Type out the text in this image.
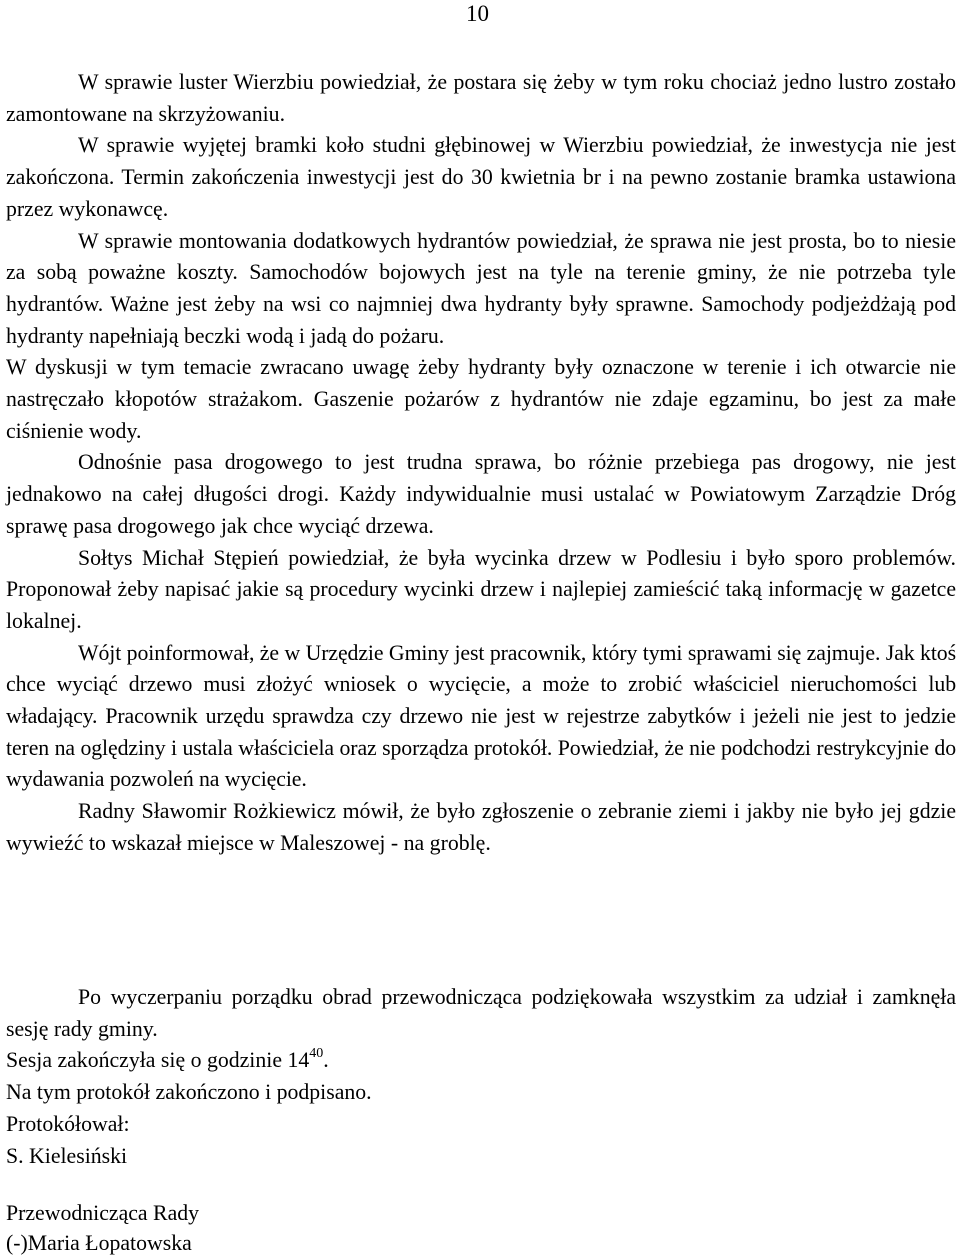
10

W sprawie luster Wierzbiu powiedział, że postara się żeby w tym roku chociaż jedno lustro zostało zamontowane na skrzyżowaniu.

W sprawie wyjętej bramki koło studni głębinowej w Wierzbiu powiedział, że inwestycja nie jest zakończona. Termin zakończenia inwestycji jest do 30 kwietnia br i na pewno zostanie bramka ustawiona przez wykonawcę.

W sprawie montowania dodatkowych hydrantów powiedział, że sprawa nie jest prosta, bo to niesie za sobą poważne koszty. Samochodów bojowych jest na tyle na terenie gminy, że nie potrzeba tyle hydrantów. Ważne jest żeby na wsi co najmniej dwa hydranty były sprawne. Samochody podjeżdżają pod hydranty napełniają beczki wodą i jadą do pożaru.

W dyskusji w tym temacie zwracano uwagę żeby hydranty były oznaczone w terenie i ich otwarcie nie nastręczało kłopotów strażakom. Gaszenie pożarów z hydrantów nie zdaje egzaminu, bo jest za małe ciśnienie wody.

Odnośnie pasa drogowego to jest trudna sprawa, bo różnie przebiega pas drogowy, nie jest jednakowo na całej długości drogi. Każdy indywidualnie musi ustalać w Powiatowym Zarządzie Dróg sprawę pasa drogowego jak chce wyciąć drzewa.

Sołtys Michał Stępień powiedział, że była wycinka drzew w Podlesiu i było sporo problemów. Proponował żeby napisać jakie są procedury wycinki drzew i najlepiej zamieścić taką informację w gazetce lokalnej.

Wójt poinformował, że w Urzędzie Gminy jest pracownik, który tymi sprawami się zajmuje. Jak ktoś chce wyciąć drzewo musi złożyć wniosek o wycięcie, a może to zrobić właściciel nieruchomości lub władający. Pracownik urzędu sprawdza czy drzewo nie jest w rejestrze zabytków i jeżeli nie jest to jedzie teren na oględziny i ustala właściciela oraz sporządza protokół. Powiedział, że nie podchodzi restrykcyjnie do wydawania pozwoleń na wycięcie.

Radny Sławomir Rożkiewicz mówił, że było zgłoszenie o zebranie ziemi i jakby nie było jej gdzie wywieźć to wskazał miejsce w Maleszowej - na groblę.

Po wyczerpaniu porządku obrad przewodnicząca podziękowała wszystkim za udział i zamknęła sesję rady gminy.

Sesja zakończyła się o godzinie $14^{40}$.

Na tym protokół zakończono i podpisano.

Protokółował:

S. Kielesiński

Przewodnicząca Rady

(-)Maria Łopatowska
